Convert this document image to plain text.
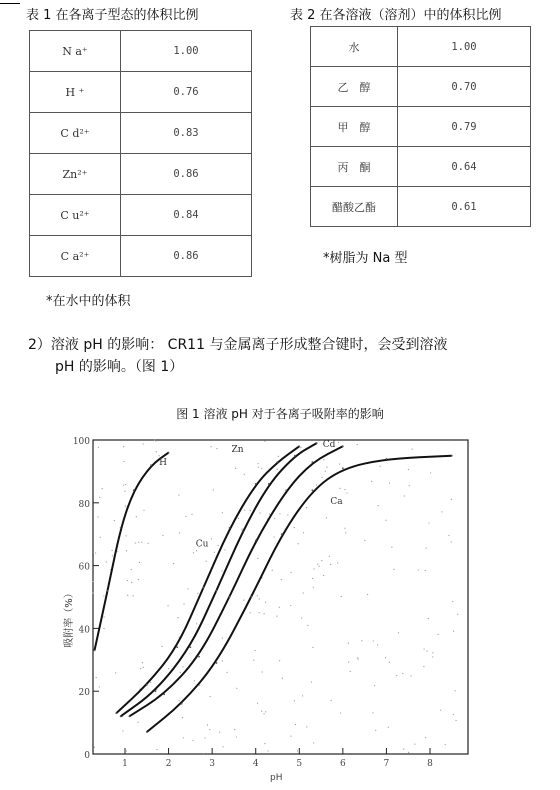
表 1 在各离子型态的体积比例
N a⁺	1.00
H ⁺	0.76
C d²⁺	0.83
Zn²⁺	0.86
C u²⁺	0.84
C a²⁺	0.86
*在水中的体积
表 2 在各溶液（溶剂）中的体积比例
水	1.00
乙　醇	0.70
甲　醇	0.79
丙　酮	0.64
醋酸乙酯	0.61
*树脂为 Na 型
2）溶液 pH 的影响： CR11 与金属离子形成整合键时，会受到溶液
pH 的影响。（图 1）
图 1 溶液 pH 对于各离子吸附率的影响
0
20
40
60
80
100
1	2	3	4	5	6	7	8
pH
吸附率（%）
H
Zn	Cd
Cu
Ca
